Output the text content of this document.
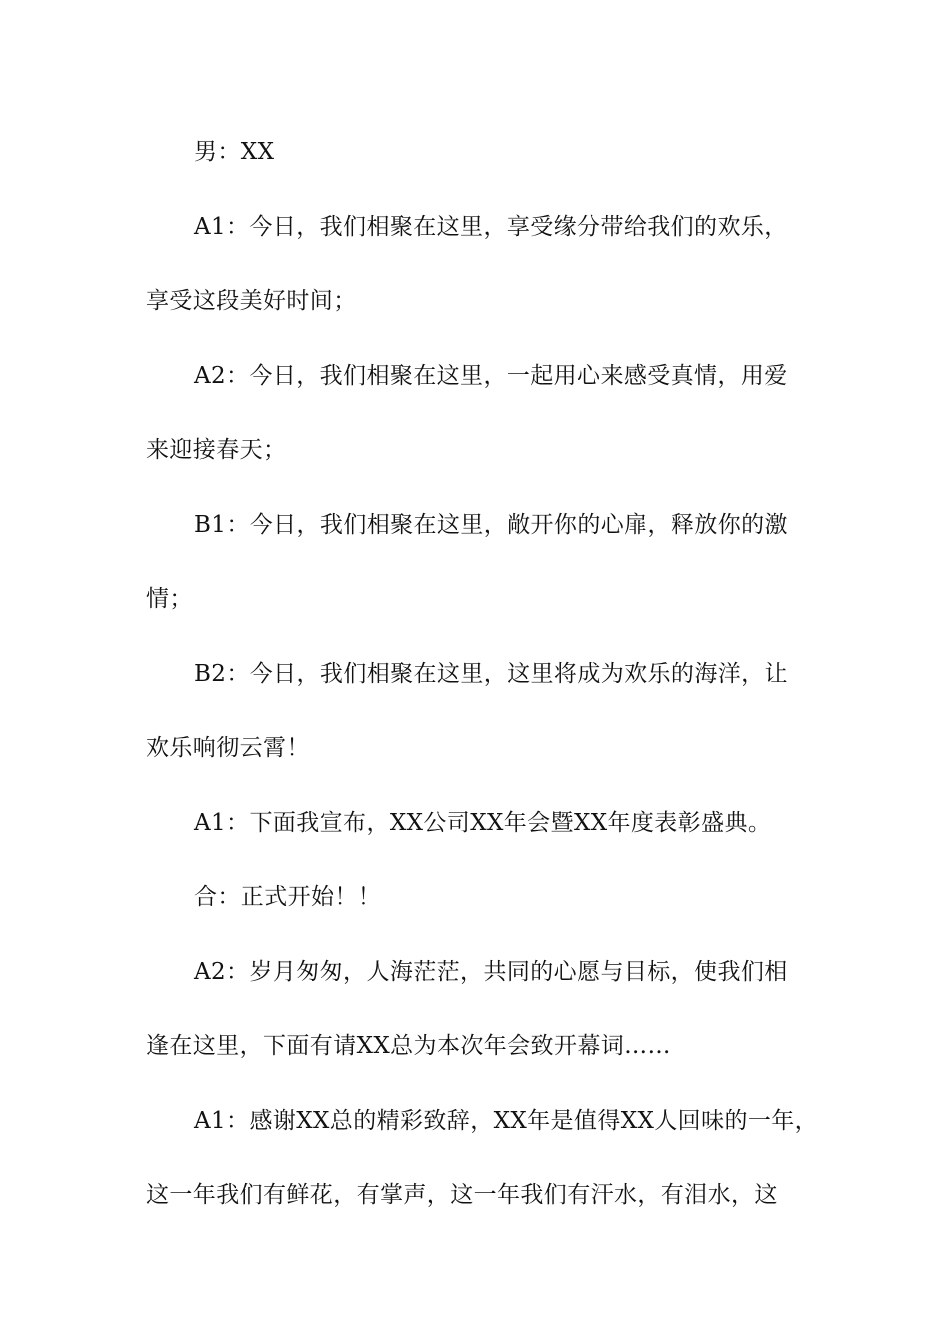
男：XX
A1：今日，我们相聚在这里，享受缘分带给我们的欢乐，
享受这段美好时间；
A2：今日，我们相聚在这里，一起用心来感受真情，用爱
来迎接春天；
B1：今日，我们相聚在这里，敞开你的心扉，释放你的激
情；
B2：今日，我们相聚在这里，这里将成为欢乐的海洋，让
欢乐响彻云霄！
A1：下面我宣布，XX公司XX年会暨XX年度表彰盛典。
合：正式开始！！
A2：岁月匆匆，人海茫茫，共同的心愿与目标，使我们相
逢在这里，下面有请XX总为本次年会致开幕词……
A1：感谢XX总的精彩致辞，XX年是值得XX人回味的一年，
这一年我们有鲜花，有掌声，这一年我们有汗水，有泪水，这
